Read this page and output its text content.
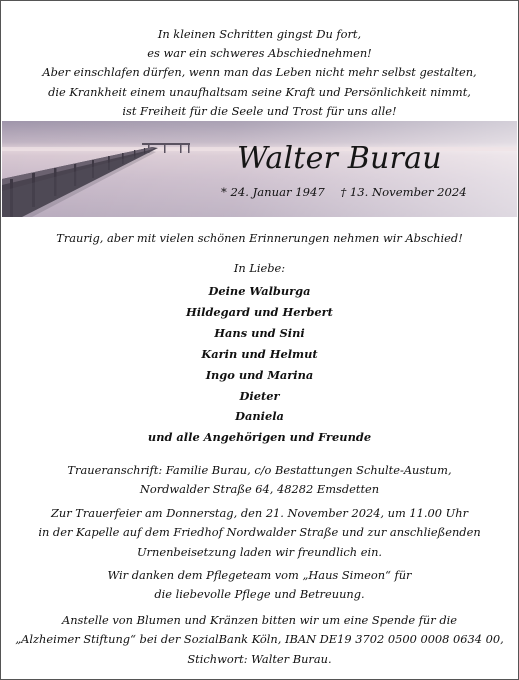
In kleinen Schritten gingst Du fort,
es war ein schweres Abschiednehmen!
Aber einschlafen dürfen, wenn man das Leben nicht mehr selbst gestalten,
die Krankheit einem unaufhaltsam seine Kraft und Persönlichkeit nimmt,
ist Freiheit für die Seele und Trost für uns alle!
Walter Burau
* 24. Januar 1947 † 13. November 2024
Traurig, aber mit vielen schönen Erinnerungen nehmen wir Abschied!
In Liebe:
Deine Walburga
Hildegard und Herbert
Hans und Sini
Karin und Helmut
Ingo und Marina
Dieter
Daniela
und alle Angehörigen und Freunde
Traueranschrift: Familie Burau, c/o Bestattungen Schulte-Austum,
Nordwalder Straße 64, 48282 Emsdetten
Zur Trauerfeier am Donnerstag, den 21. November 2024, um 11.00 Uhr
in der Kapelle auf dem Friedhof Nordwalder Straße und zur anschließenden
Urnenbeisetzung laden wir freundlich ein.
Wir danken dem Pflegeteam vom „Haus Simeon“ für
die liebevolle Pflege und Betreuung.
Anstelle von Blumen und Kränzen bitten wir um eine Spende für die
„Alzheimer Stiftung“ bei der SozialBank Köln, IBAN DE19 3702 0500 0008 0634 00,
Stichwort: Walter Burau.
